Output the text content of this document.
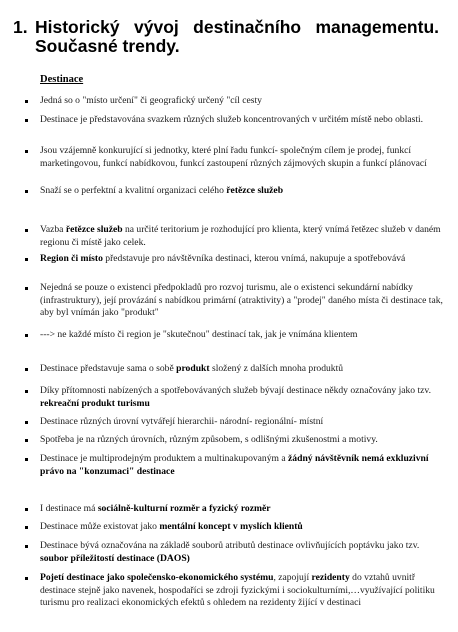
1. Historický vývoj destinačního managementu.
Současné trendy.
Destinace
Jedná so o "místo určení" či geografický určený "cíl cesty
Destinace je představována svazkem různých služeb koncentrovaných v určitém místě nebo oblasti.
Jsou vzájemně konkurující si jednotky, které plní řadu funkcí- společným cílem je prodej, funkcí marketingovou, funkcí nabídkovou, funkcí zastoupení různých zájmových skupin a funkcí plánovací
Snaží se o perfektní a kvalitní organizaci celého řetězce služeb
Vazba řetězce služeb na určité teritorium je rozhodující pro klienta, který vnímá řetězec služeb v daném regionu či místě jako celek.
Region či místo představuje pro návštěvníka destinaci, kterou vnímá, nakupuje a spotřebovává
Nejedná se pouze o existenci předpokladů pro rozvoj turismu, ale o existenci sekundární nabídky (infrastruktury), její provázání s nabídkou primární (atraktivity) a "prodej" daného místa či destinace tak, aby byl vnímán jako "produkt"
---> ne každé místo či region je "skutečnou" destinací tak, jak je vnímána klientem
Destinace představuje sama o sobě produkt složený z dalších mnoha produktů
Díky přítomnosti nabízených a spotřebovávaných služeb bývají destinace někdy označovány jako tzv. rekreační produkt turismu
Destinace různých úrovní vytvářejí hierarchii- národní- regionální- místní
Spotřeba je na různých úrovních, různým způsobem, s odlišnými zkušenostmi a motivy.
Destinace je multiprodejným produktem a multinakupovaným a žádný návštěvník nemá exkluzivní právo na "konzumaci" destinace
I destinace má sociálně-kulturní rozměr a fyzický rozměr
Destinace může existovat jako mentální koncept v myslích klientů
Destinace bývá označována na základě souborů atributů destinace ovlivňujících poptávku jako tzv. soubor příležitostí destinace (DAOS)
Pojetí destinace jako společensko-ekonomického systému, zapojují rezidenty do vztahů uvnitř destinace stejně jako navenek, hospodaříci se zdroji fyzickými i sociokulturními,…využívající politiku turismu pro realizaci ekonomických efektů s ohledem na rezidenty žijící v destinaci
